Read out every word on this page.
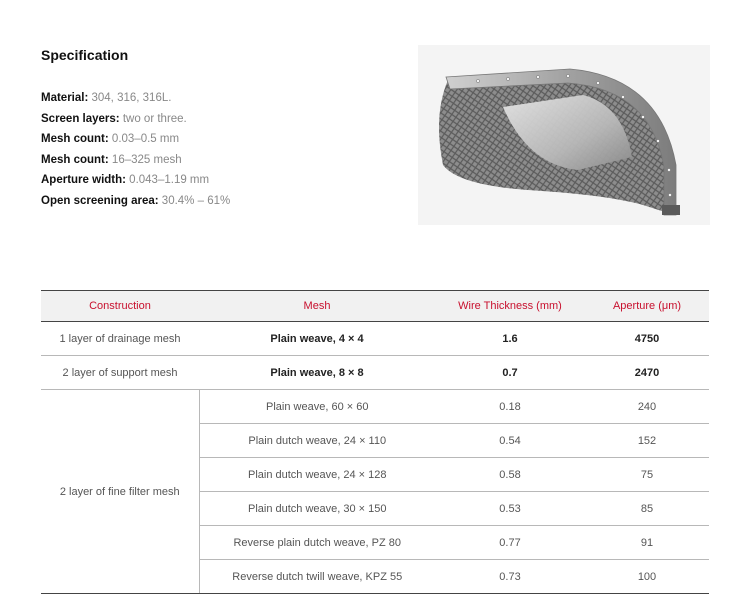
Specification
Material: 304, 316, 316L.
Screen layers: two or three.
Mesh count: 0.03–0.5 mm
Mesh count: 16–325 mesh
Aperture width: 0.043–1.19 mm
Open screening area: 30.4% – 61%
Construction	Mesh	Wire Thickness (mm)	Aperture (μm)
1 layer of drainage mesh	Plain weave, 4 × 4	1.6	4750
2 layer of support mesh	Plain weave, 8 × 8	0.7	2470
2 layer of fine filter mesh	Plain weave, 60 × 60	0.18	240
	Plain dutch weave, 24 × 110	0.54	152
	Plain dutch weave, 24 × 128	0.58	75
	Plain dutch weave, 30 × 150	0.53	85
	Reverse plain dutch weave, PZ 80	0.77	91
	Reverse dutch twill weave, KPZ 55	0.73	100
